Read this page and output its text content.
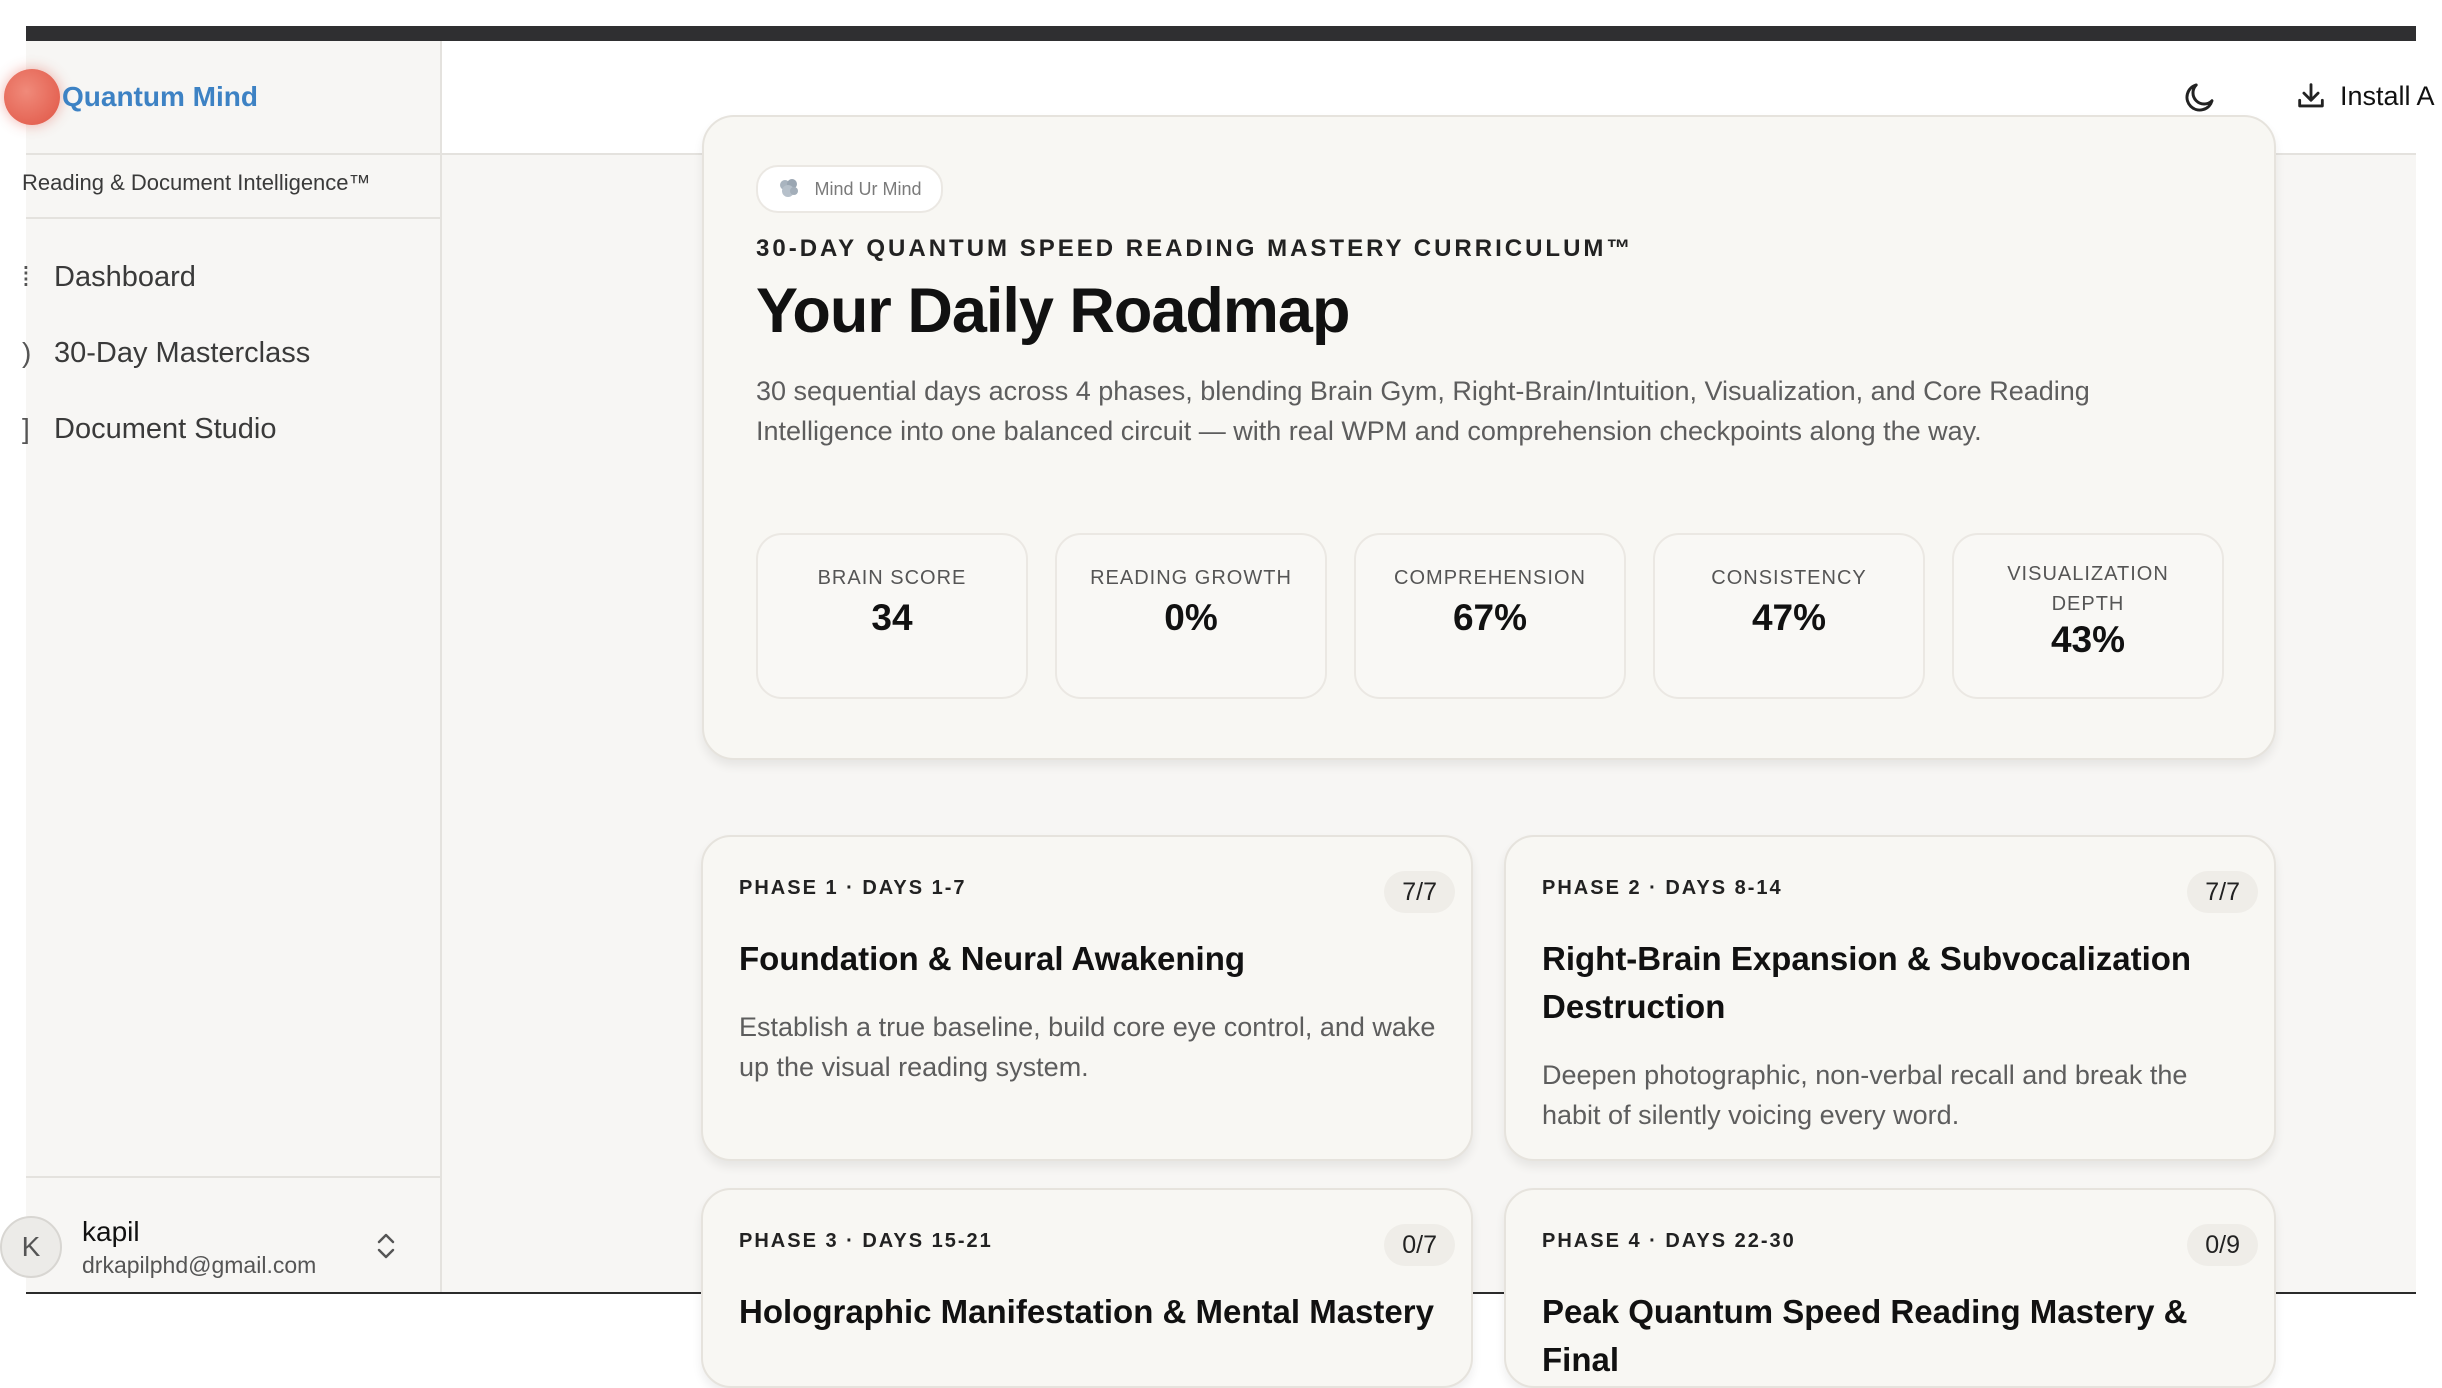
Quantum Mind
Reading & Document Intelligence™
⁞ Dashboard
) 30-Day Masterclass
] Document Studio
K	kapil
drkapilphd@gmail.com
Install A
Mind Ur Mind
30-DAY QUANTUM SPEED READING MASTERY CURRICULUM™
Your Daily Roadmap
30 sequential days across 4 phases, blending Brain Gym, Right-Brain/Intuition, Visualization, and Core Reading Intelligence into one balanced circuit — with real WPM and comprehension checkpoints along the way.
BRAIN SCORE
34
READING GROWTH
0%
COMPREHENSION
67%
CONSISTENCY
47%
VISUALIZATION DEPTH
43%
PHASE 1 · DAYS 1-7	7/7
Foundation & Neural Awakening
Establish a true baseline, build core eye control, and wake up the visual reading system.
PHASE 2 · DAYS 8-14	7/7
Right-Brain Expansion & Subvocalization Destruction
Deepen photographic, non-verbal recall and break the habit of silently voicing every word.
PHASE 3 · DAYS 15-21	0/7
Holographic Manifestation & Mental Mastery
PHASE 4 · DAYS 22-30	0/9
Peak Quantum Speed Reading Mastery & Final
